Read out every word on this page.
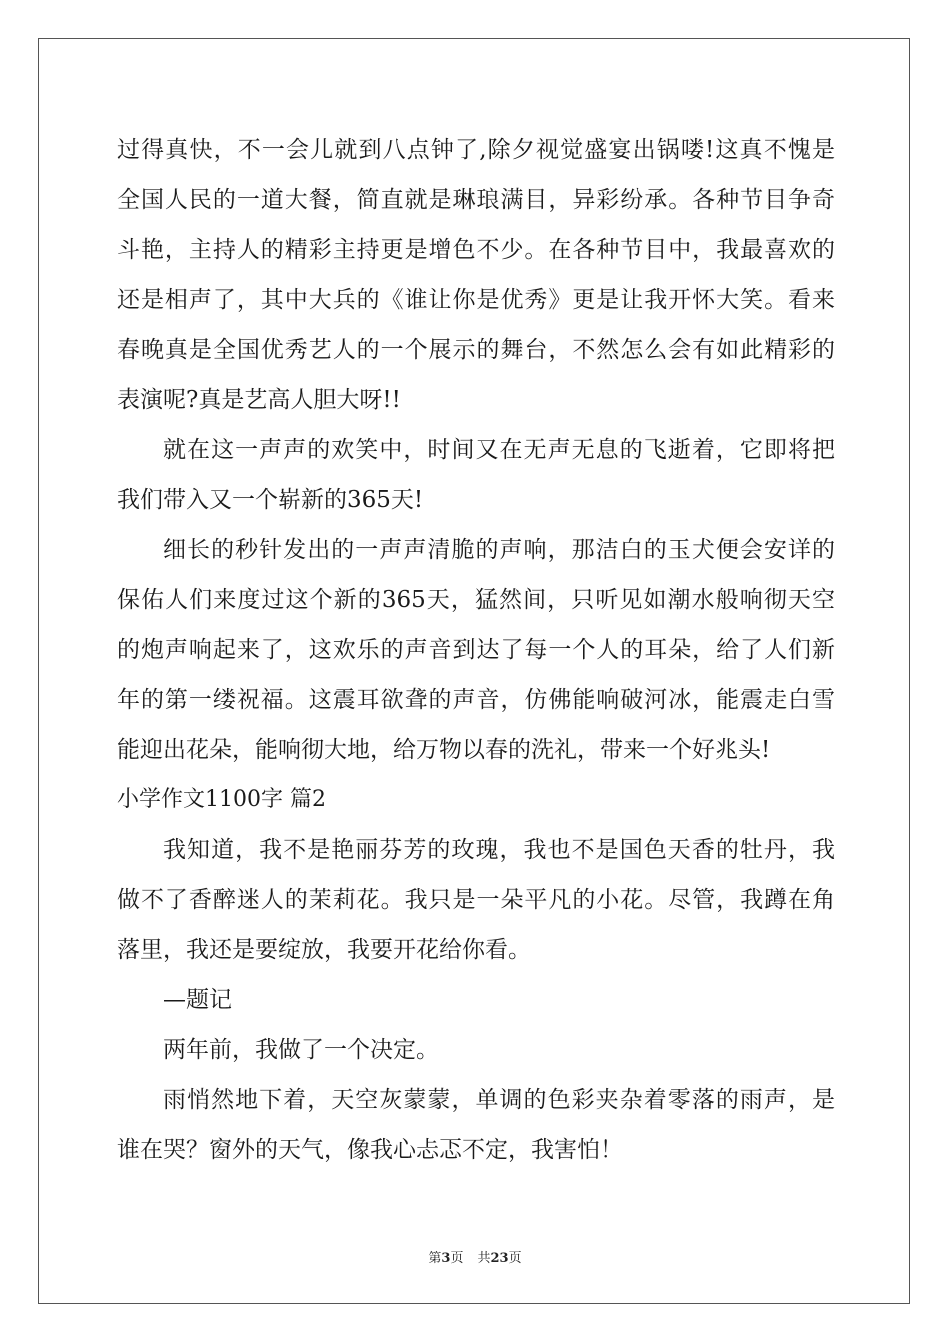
过得真快，不一会儿就到八点钟了,除夕视觉盛宴出锅喽!这真不愧是
全国人民的一道大餐，简直就是琳琅满目，异彩纷承。各种节目争奇
斗艳，主持人的精彩主持更是增色不少。在各种节目中，我最喜欢的
还是相声了，其中大兵的《谁让你是优秀》更是让我开怀大笑。看来
春晚真是全国优秀艺人的一个展示的舞台，不然怎么会有如此精彩的
表演呢?真是艺高人胆大呀!!
就在这一声声的欢笑中，时间又在无声无息的飞逝着，它即将把
我们带入又一个崭新的365天!
细长的秒针发出的一声声清脆的声响，那洁白的玉犬便会安详的
保佑人们来度过这个新的365天，猛然间，只听见如潮水般响彻天空
的炮声响起来了，这欢乐的声音到达了每一个人的耳朵，给了人们新
年的第一缕祝福。这震耳欲聋的声音，仿佛能响破河冰，能震走白雪
能迎出花朵，能响彻大地，给万物以春的洗礼，带来一个好兆头!
小学作文1100字 篇2
我知道，我不是艳丽芬芳的玫瑰，我也不是国色天香的牡丹，我
做不了香醉迷人的茉莉花。我只是一朵平凡的小花。尽管，我蹲在角
落里，我还是要绽放，我要开花给你看。
—题记
两年前，我做了一个决定。
雨悄然地下着，天空灰蒙蒙，单调的色彩夹杂着零落的雨声，是
谁在哭？窗外的天气，像我心忐忑不定，我害怕！
第3页 共23页
